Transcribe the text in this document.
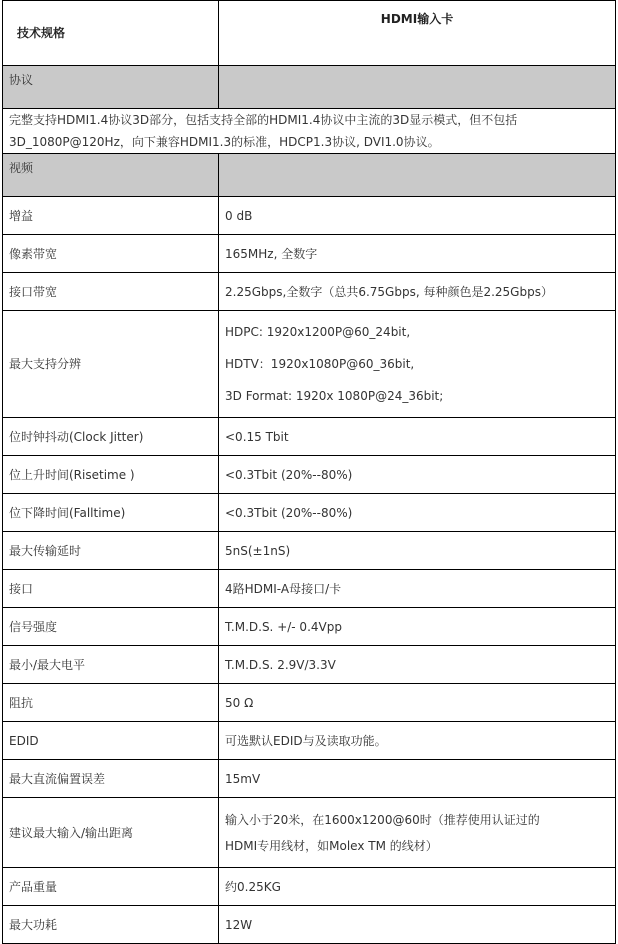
技术规格	HDMI输入卡
协议	

完整支持HDMI1.4协议3D部分，包括支持全部的HDMI1.4协议中主流的3D显示模式，但不包括
3D_1080P@120Hz，向下兼容HDMI1.3的标准，HDCP1.3协议, DVI1.0协议。	

视频	
增益	0 dB
像素带宽	165MHz, 全数字
接口带宽	2.25Gbps,全数字（总共6.75Gbps, 每种颜色是2.25Gbps）
最大支持分辨	HDPC: 1920x1200P@60_24bit,
HDTV：1920x1080P@60_36bit,
3D Format: 1920x 1080P@24_36bit;

位时钟抖动(Clock Jitter)	<0.15 Tbit
位上升时间(Risetime )	<0.3Tbit (20%--80%)
位下降时间(Falltime)	<0.3Tbit (20%--80%)
最大传输延时	5nS(±1nS)
接口	4路HDMI-A母接口/卡
信号强度	T.M.D.S. +/- 0.4Vpp
最小/最大电平	T.M.D.S. 2.9V/3.3V
阻抗	50 Ω
EDID	可选默认EDID与及读取功能。
最大直流偏置误差	15mV
建议最大输入/输出距离	输入小于20米，在1600x1200@60时（推荐使用认证过的
HDMI专用线材，如Molex TM 的线材）

产品重量	约0.25KG
最大功耗	12W
